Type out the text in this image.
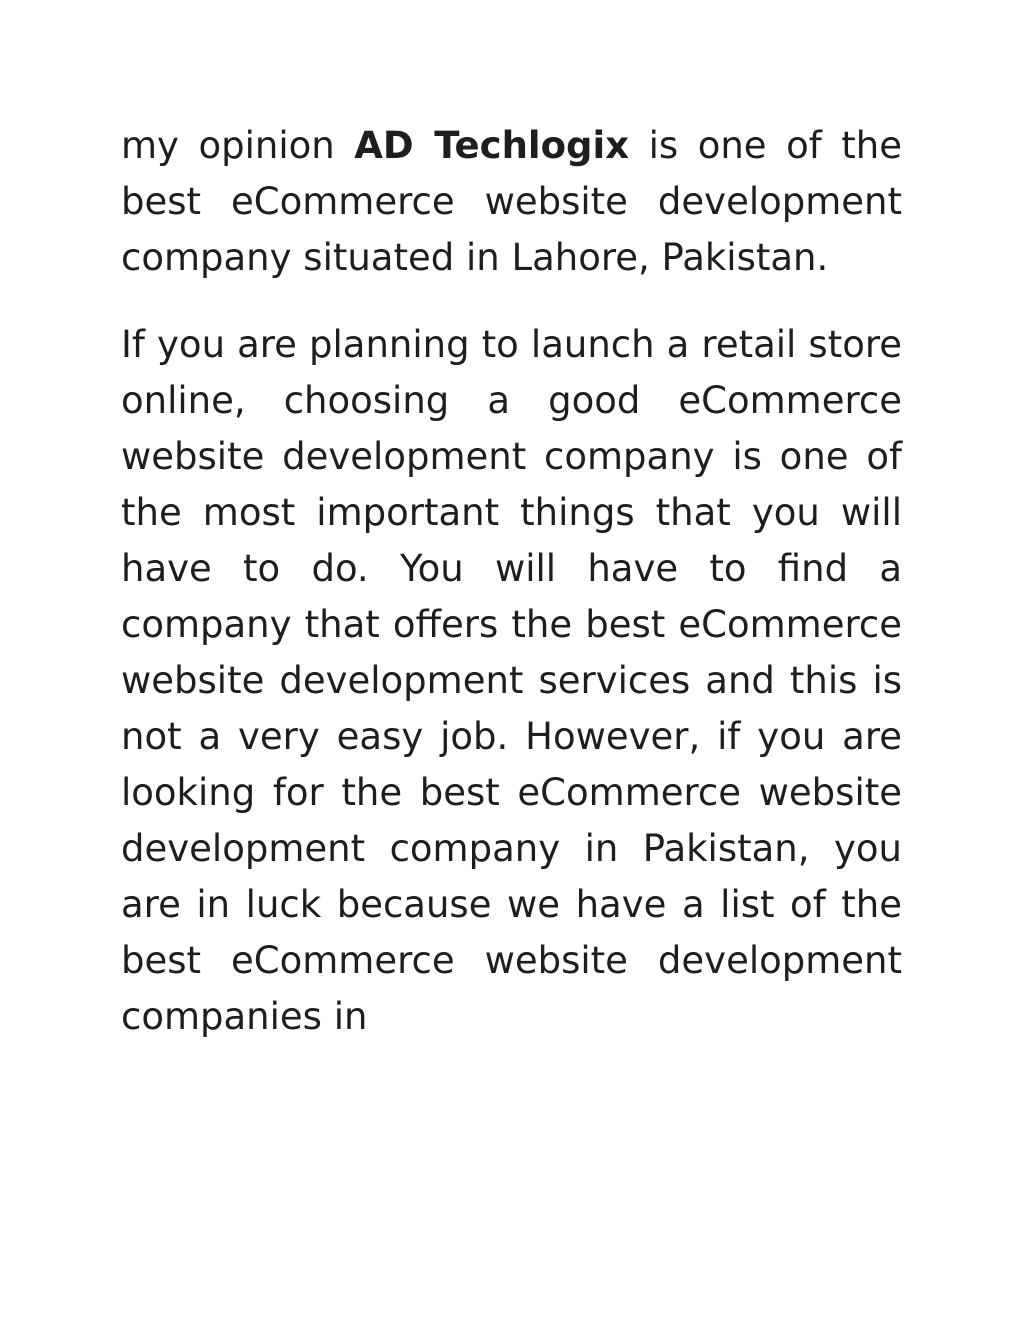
my opinion AD Techlogix is one of the best eCommerce website development company situated in Lahore, Pakistan.

If you are planning to launch a retail store online, choosing a good eCommerce website development company is one of the most important things that you will have to do. You will have to find a company that offers the best eCommerce website development services and this is not a very easy job. However, if you are looking for the best eCommerce website development company in Pakistan, you are in luck because we have a list of the best eCommerce website development companies in
